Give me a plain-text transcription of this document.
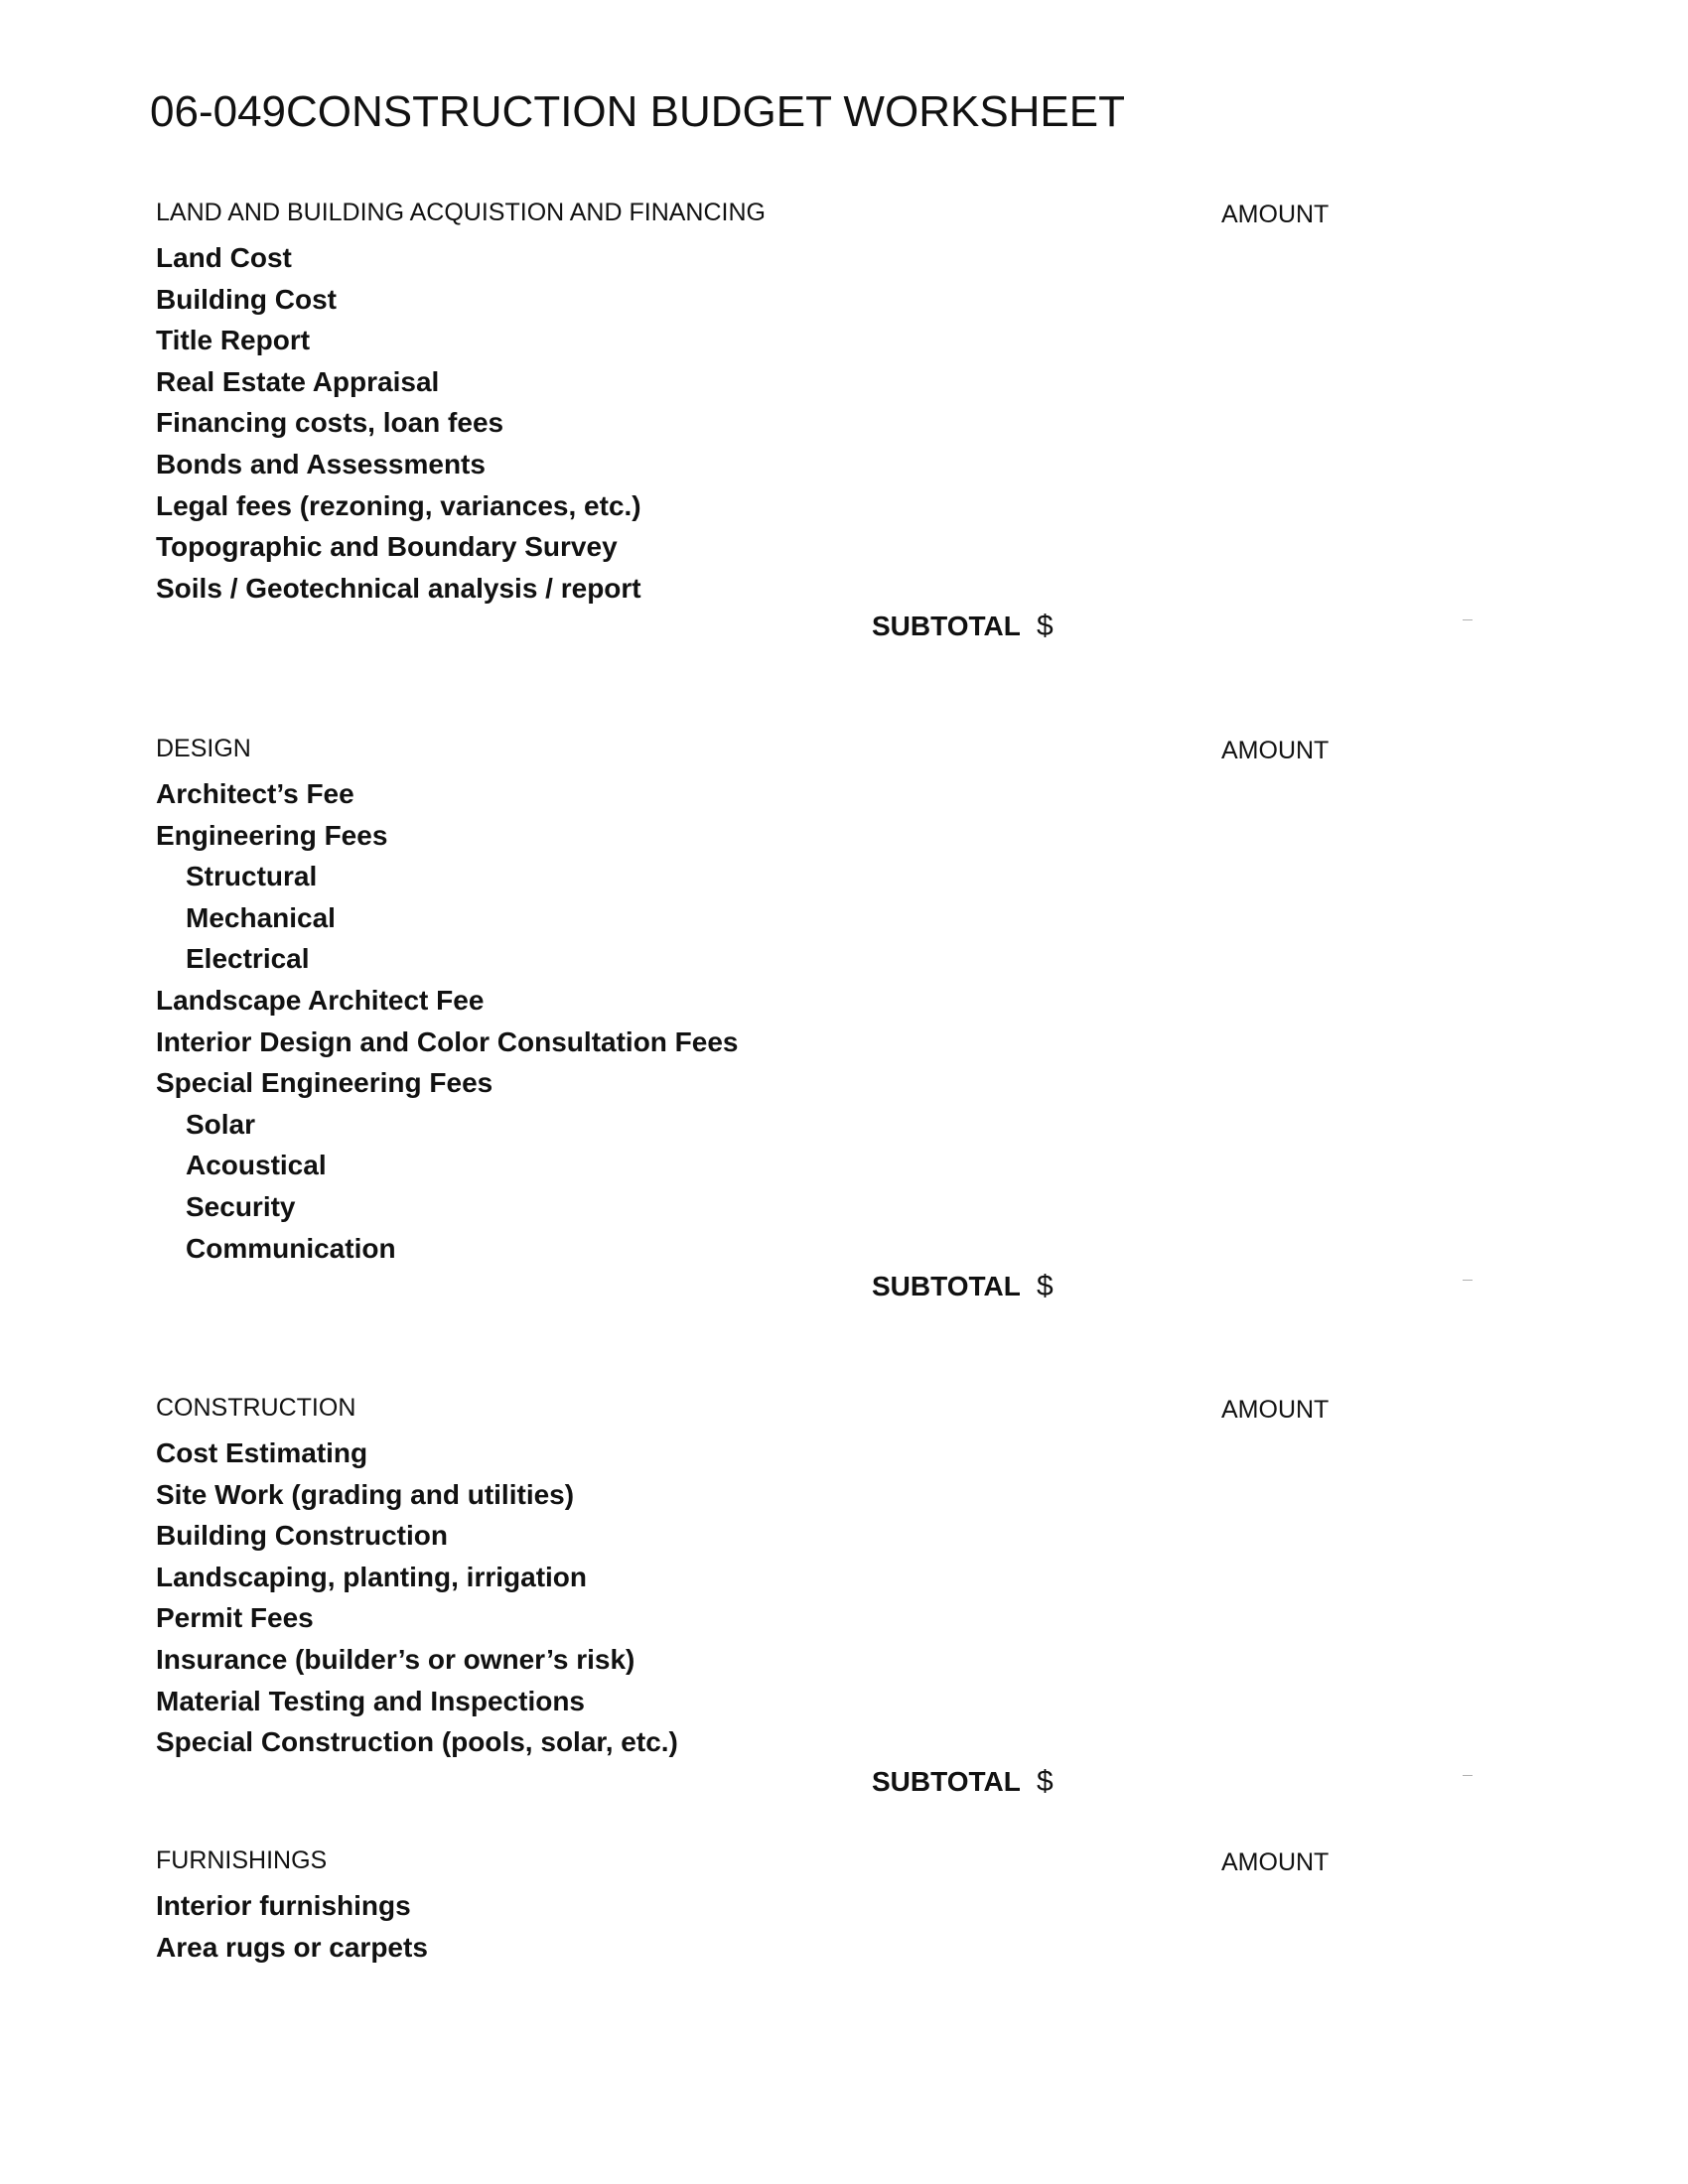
06-049CONSTRUCTION BUDGET WORKSHEET
LAND AND BUILDING ACQUISTION AND FINANCING	AMOUNT
Land Cost
Building Cost
Title Report
Real Estate Appraisal
Financing costs, loan fees
Bonds and Assessments
Legal fees (rezoning, variances, etc.)
Topographic and Boundary Survey
Soils / Geotechnical analysis / report
SUBTOTAL $
DESIGN	AMOUNT
Architect’s Fee
Engineering Fees
Structural
Mechanical
Electrical
Landscape Architect Fee
Interior Design and Color Consultation Fees
Special Engineering Fees
Solar
Acoustical
Security
Communication
SUBTOTAL $
CONSTRUCTION	AMOUNT
Cost Estimating
Site Work (grading and utilities)
Building Construction
Landscaping, planting, irrigation
Permit Fees
Insurance (builder’s or owner’s risk)
Material Testing and Inspections
Special Construction (pools, solar, etc.)
SUBTOTAL $
FURNISHINGS	AMOUNT
Interior furnishings
Area rugs or carpets
